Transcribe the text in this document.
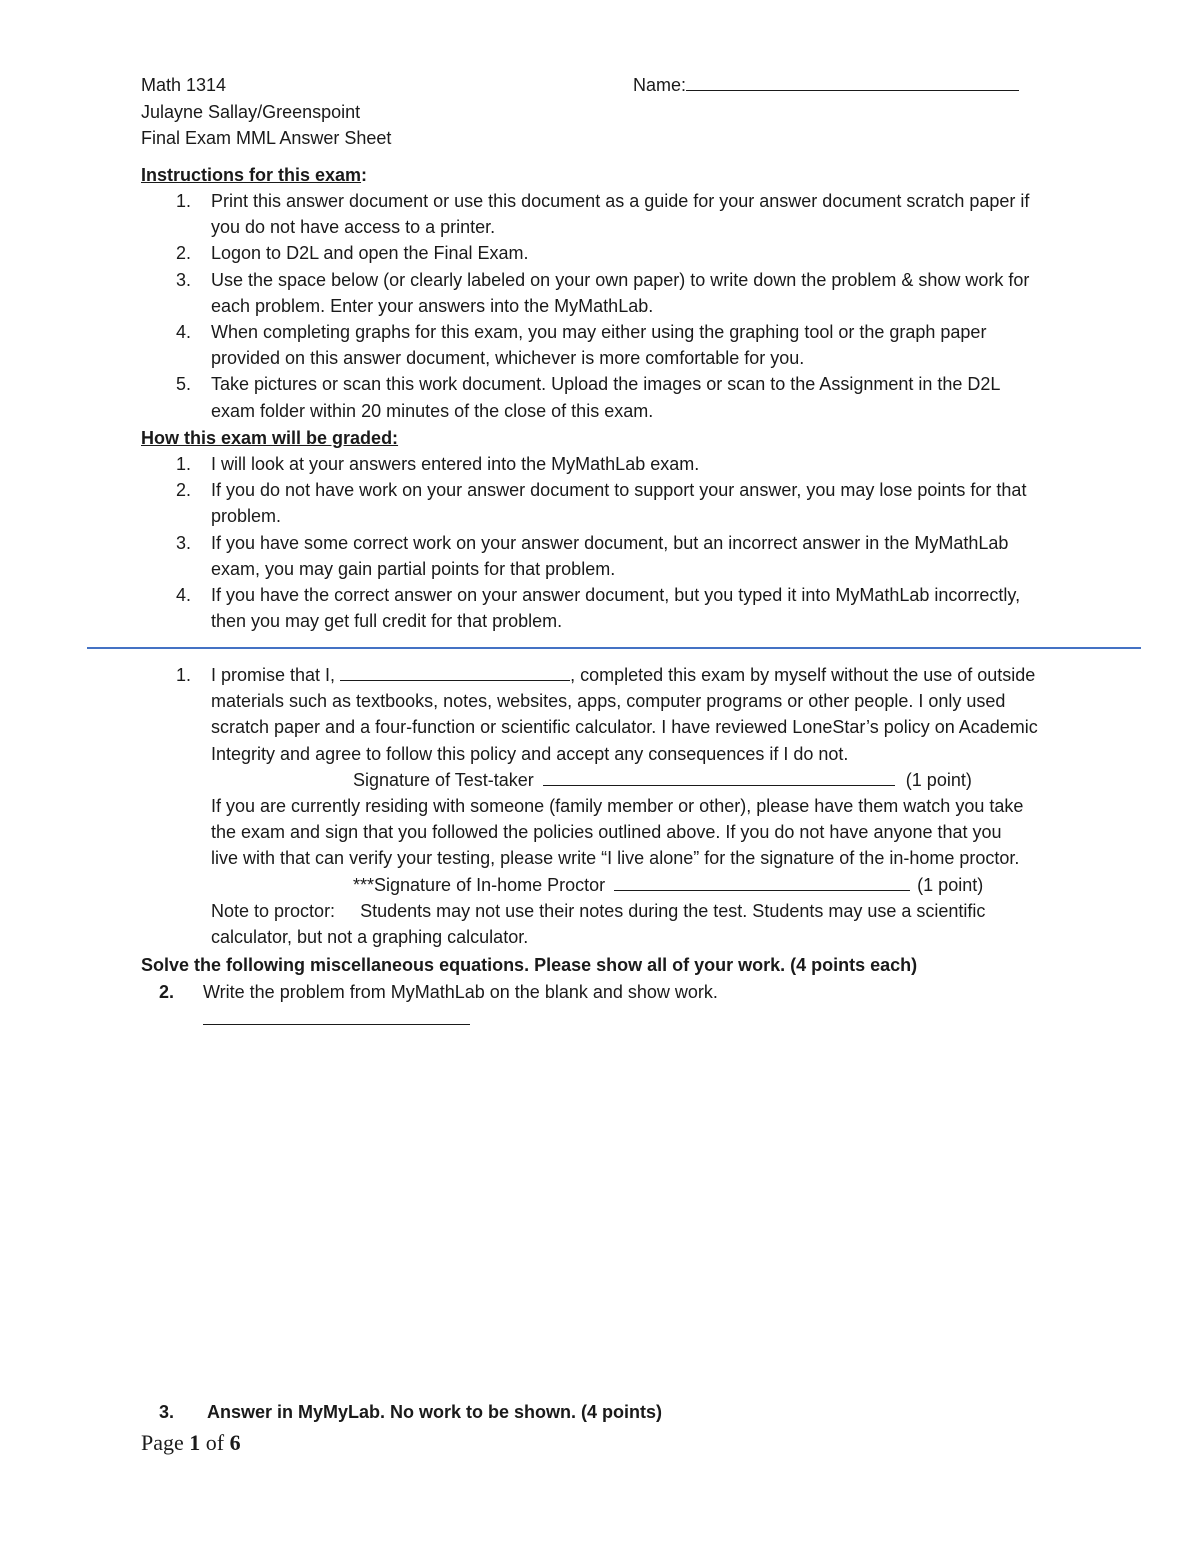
Math 1314
Julayne Sallay/Greenspoint
Final Exam MML Answer Sheet
Name:
Instructions for this exam:
1. Print this answer document or use this document as a guide for your answer document scratch paper if
you do not have access to a printer.
2. Logon to D2L and open the Final Exam.
3. Use the space below (or clearly labeled on your own paper) to write down the problem & show work for
each problem. Enter your answers into the MyMathLab.
4. When completing graphs for this exam, you may either using the graphing tool or the graph paper
provided on this answer document, whichever is more comfortable for you.
5. Take pictures or scan this work document. Upload the images or scan to the Assignment in the D2L
exam folder within 20 minutes of the close of this exam.
How this exam will be graded:
1. I will look at your answers entered into the MyMathLab exam.
2. If you do not have work on your answer document to support your answer, you may lose points for that
problem.
3. If you have some correct work on your answer document, but an incorrect answer in the MyMathLab
exam, you may gain partial points for that problem.
4. If you have the correct answer on your answer document, but you typed it into MyMathLab incorrectly,
then you may get full credit for that problem.
1. I promise that I,	, completed this exam by myself without the use of outside
materials such as textbooks, notes, websites, apps, computer programs or other people. I only used
scratch paper and a four-function or scientific calculator. I have reviewed LoneStar’s policy on Academic
Integrity and agree to follow this policy and accept any consequences if I do not.
Signature of Test-taker	(1 point)
If you are currently residing with someone (family member or other), please have them watch you take
the exam and sign that you followed the policies outlined above. If you do not have anyone that you
live with that can verify your testing, please write “I live alone” for the signature of the in-home proctor.
***Signature of In-home Proctor	(1 point)
Note to proctor: Students may not use their notes during the test. Students may use a scientific
calculator, but not a graphing calculator.
Solve the following miscellaneous equations. Please show all of your work. (4 points each)
2.	Write the problem from MyMathLab on the blank and show work.
3.	Answer in MyMyLab. No work to be shown. (4 points)
Page 1 of 6
